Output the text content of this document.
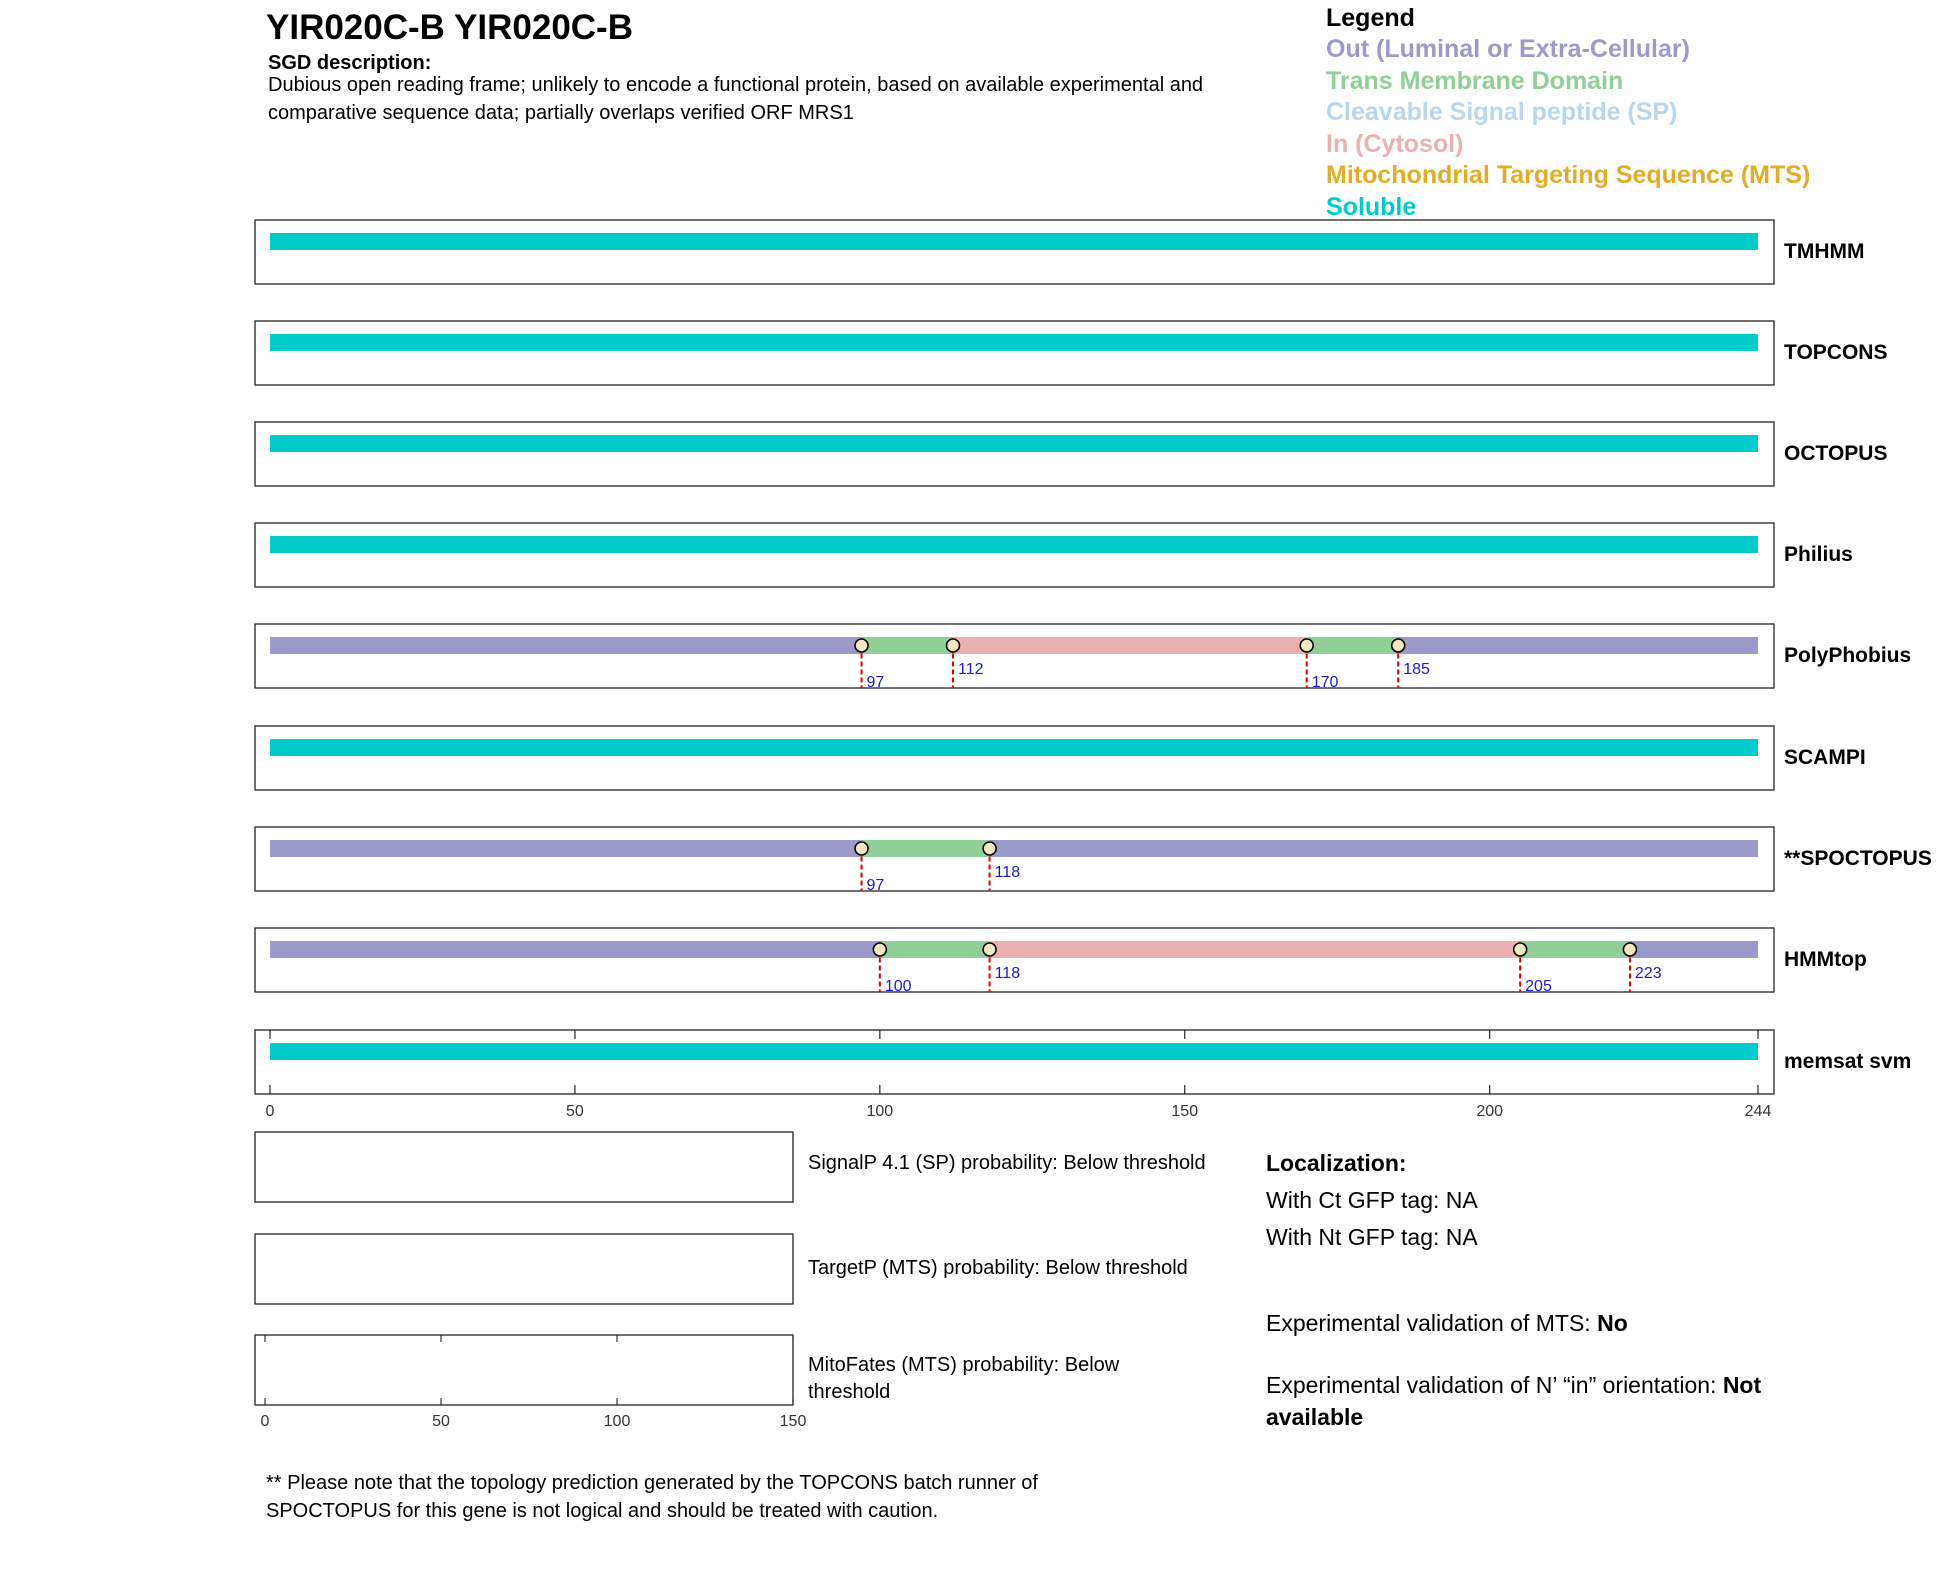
YIR020C-B YIR020C-B
SGD description:
Dubious open reading frame; unlikely to encode a functional protein, based on available experimental and comparative sequence data; partially overlaps verified ORF MRS1
Legend
Out (Luminal or Extra-Cellular)
Trans Membrane Domain
Cleavable Signal peptide (SP)
In (Cytosol)
Mitochondrial Targeting Sequence (MTS)
Soluble
TMHMM
TOPCONS
OCTOPUS
Philius
97
112
170
185
PolyPhobius
SCAMPI
97
118
**SPOCTOPUS
100
118
205
223
HMMtop
memsat svm
0	50	100	150	200	244
0	50	100	150
SignalP 4.1 (SP) probability: Below threshold
TargetP (MTS) probability: Below threshold
MitoFates (MTS) probability: Below threshold
Localization:
With Ct GFP tag: NA
With Nt GFP tag: NA
Experimental validation of MTS: No
Experimental validation of N’ “in” orientation: Not available
** Please note that the topology prediction generated by the TOPCONS batch runner of SPOCTOPUS for this gene is not logical and should be treated with caution.
